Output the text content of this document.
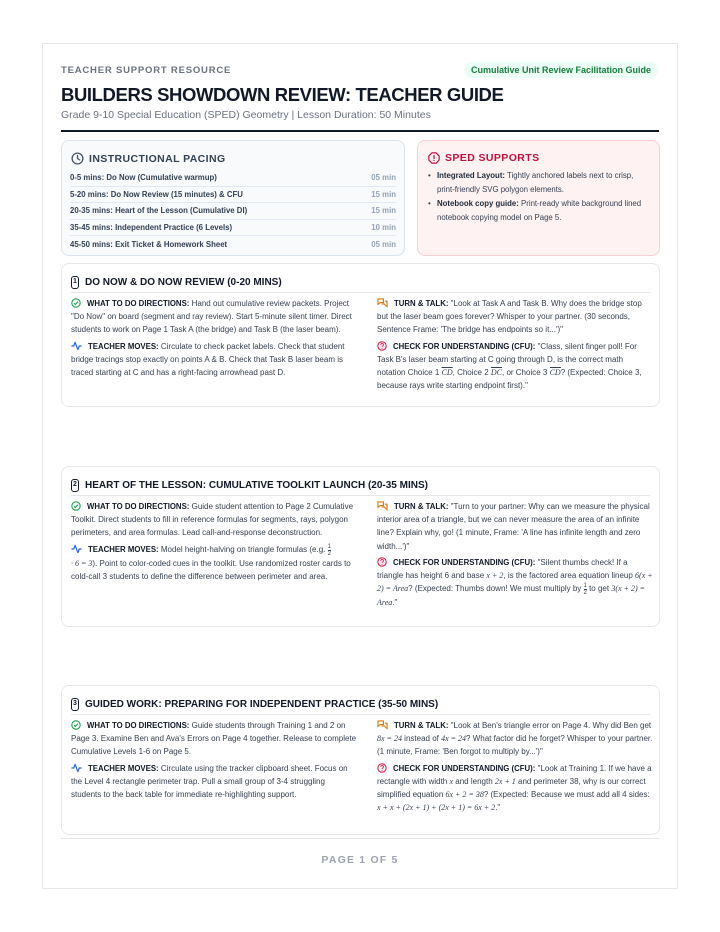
TEACHER SUPPORT RESOURCE	Cumulative Unit Review Facilitation Guide
BUILDERS SHOWDOWN REVIEW: TEACHER GUIDE
Grade 9-10 Special Education (SPED) Geometry | Lesson Duration: 50 Minutes
INSTRUCTIONAL PACING
0-5 mins: Do Now (Cumulative warmup)	05 min
5-20 mins: Do Now Review (15 minutes) & CFU	15 min
20-35 mins: Heart of the Lesson (Cumulative DI)	15 min
35-45 mins: Independent Practice (6 Levels)	10 min
45-50 mins: Exit Ticket & Homework Sheet	05 min
SPED SUPPORTS
• Integrated Layout: Tightly anchored labels next to crisp, print-friendly SVG polygon elements.
• Notebook copy guide: Print-ready white background lined notebook copying model on Page 5.
1 DO NOW & DO NOW REVIEW (0-20 MINS)

WHAT TO DO DIRECTIONS: Hand out cumulative review packets. Project "Do Now" on board (segment and ray review). Start 5-minute silent timer. Direct students to work on Page 1 Task A (the bridge) and Task B (the laser beam).

TEACHER MOVES: Circulate to check packet labels. Check that student bridge tracings stop exactly on points A & B. Check that Task B laser beam is traced starting at C and has a right-facing arrowhead past D.

TURN & TALK: "Look at Task A and Task B. Why does the bridge stop but the laser beam goes forever? Whisper to your partner. (30 seconds, Sentence Frame: 'The bridge has endpoints so it...')"

CHECK FOR UNDERSTANDING (CFU): "Class, silent finger poll! For Task B's laser beam starting at C going through D, is the correct math notation Choice 1 $\overline{CD}$, Choice 2 DC, or Choice 3 CD? (Expected: Choice 3, because rays write starting endpoint first)."

2 HEART OF THE LESSON: CUMULATIVE TOOLKIT LAUNCH (20-35 MINS)

WHAT TO DO DIRECTIONS: Guide student attention to Page 2 Cumulative Toolkit. Direct students to fill in reference formulas for segments, rays, polygon perimeters, and area formulas. Lead call-and-response deconstruction.

TEACHER MOVES: Model height-halving on triangle formulas (e.g. $\frac{1}{2}$

· 6 = 3). Point to color-coded cues in the toolkit. Use randomized roster cards to cold-call 3 students to define the difference between perimeter and area.

TURN & TALK: "Turn to your partner: Why can we measure the physical interior area of a triangle, but we can never measure the area of an infinite line? Explain why, go! (1 minute, Frame: 'A line has infinite length and zero width...')"

CHECK FOR UNDERSTANDING (CFU): "Silent thumbs check! If a triangle has height 6 and base x + 2, is the factored area equation lineup 6(x + 2) = Area? (Expected: Thumbs down! We must multiply by $\frac{1}{2}$ to get 3(x + 2) = Area."

3 GUIDED WORK: PREPARING FOR INDEPENDENT PRACTICE (35-50 MINS)

WHAT TO DO DIRECTIONS: Guide students through Training 1 and 2 on Page 3. Examine Ben and Ava's Errors on Page 4 together. Release to complete Cumulative Levels 1-6 on Page 5.

TEACHER MOVES: Circulate using the tracker clipboard sheet. Focus on the Level 4 rectangle perimeter trap. Pull a small group of 3-4 struggling students to the back table for immediate re-highlighting support.

TURN & TALK: "Look at Ben's triangle error on Page 4. Why did Ben get 8x = 24 instead of 4x = 24? What factor did he forget? Whisper to your partner. (1 minute, Frame: 'Ben forgot to multiply by...')"

CHECK FOR UNDERSTANDING (CFU): "Look at Training 1. If we have a rectangle with width x and length 2x + 1 and perimeter 38, why is our correct simplified equation 6x + 2 = 38? (Expected: Because we must add all 4 sides: x + x + (2x + 1) + (2x + 1) = 6x + 2."

PAGE 1 OF 5
